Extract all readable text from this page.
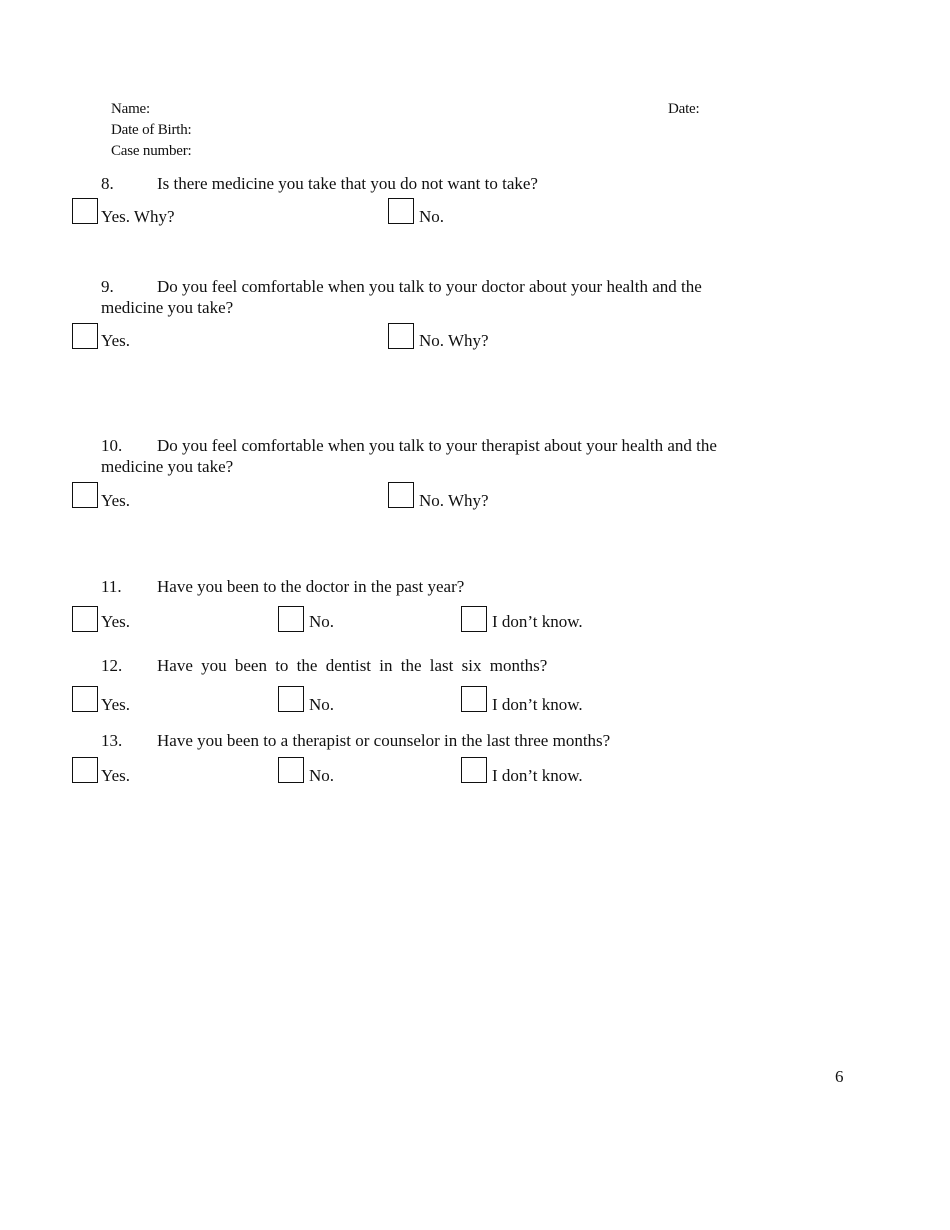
Name:	Date:
Date of Birth:
Case number:
8.	Is there medicine you take that you do not want to take?
Yes. Why?	No.
9.	Do you feel comfortable when you talk to your doctor about your health and the
medicine you take?
Yes.	No. Why?
10. Do you feel comfortable when you talk to your therapist about your health and the
medicine you take?
Yes.	No. Why?
11. Have you been to the doctor in the past year?
Yes.	No.	I don’t know.
12. Have you been to the dentist in the last six months?
Yes.	No.	I don’t know.
13. Have you been to a therapist or counselor in the last three months?
Yes.	No.	I don’t know.
6
